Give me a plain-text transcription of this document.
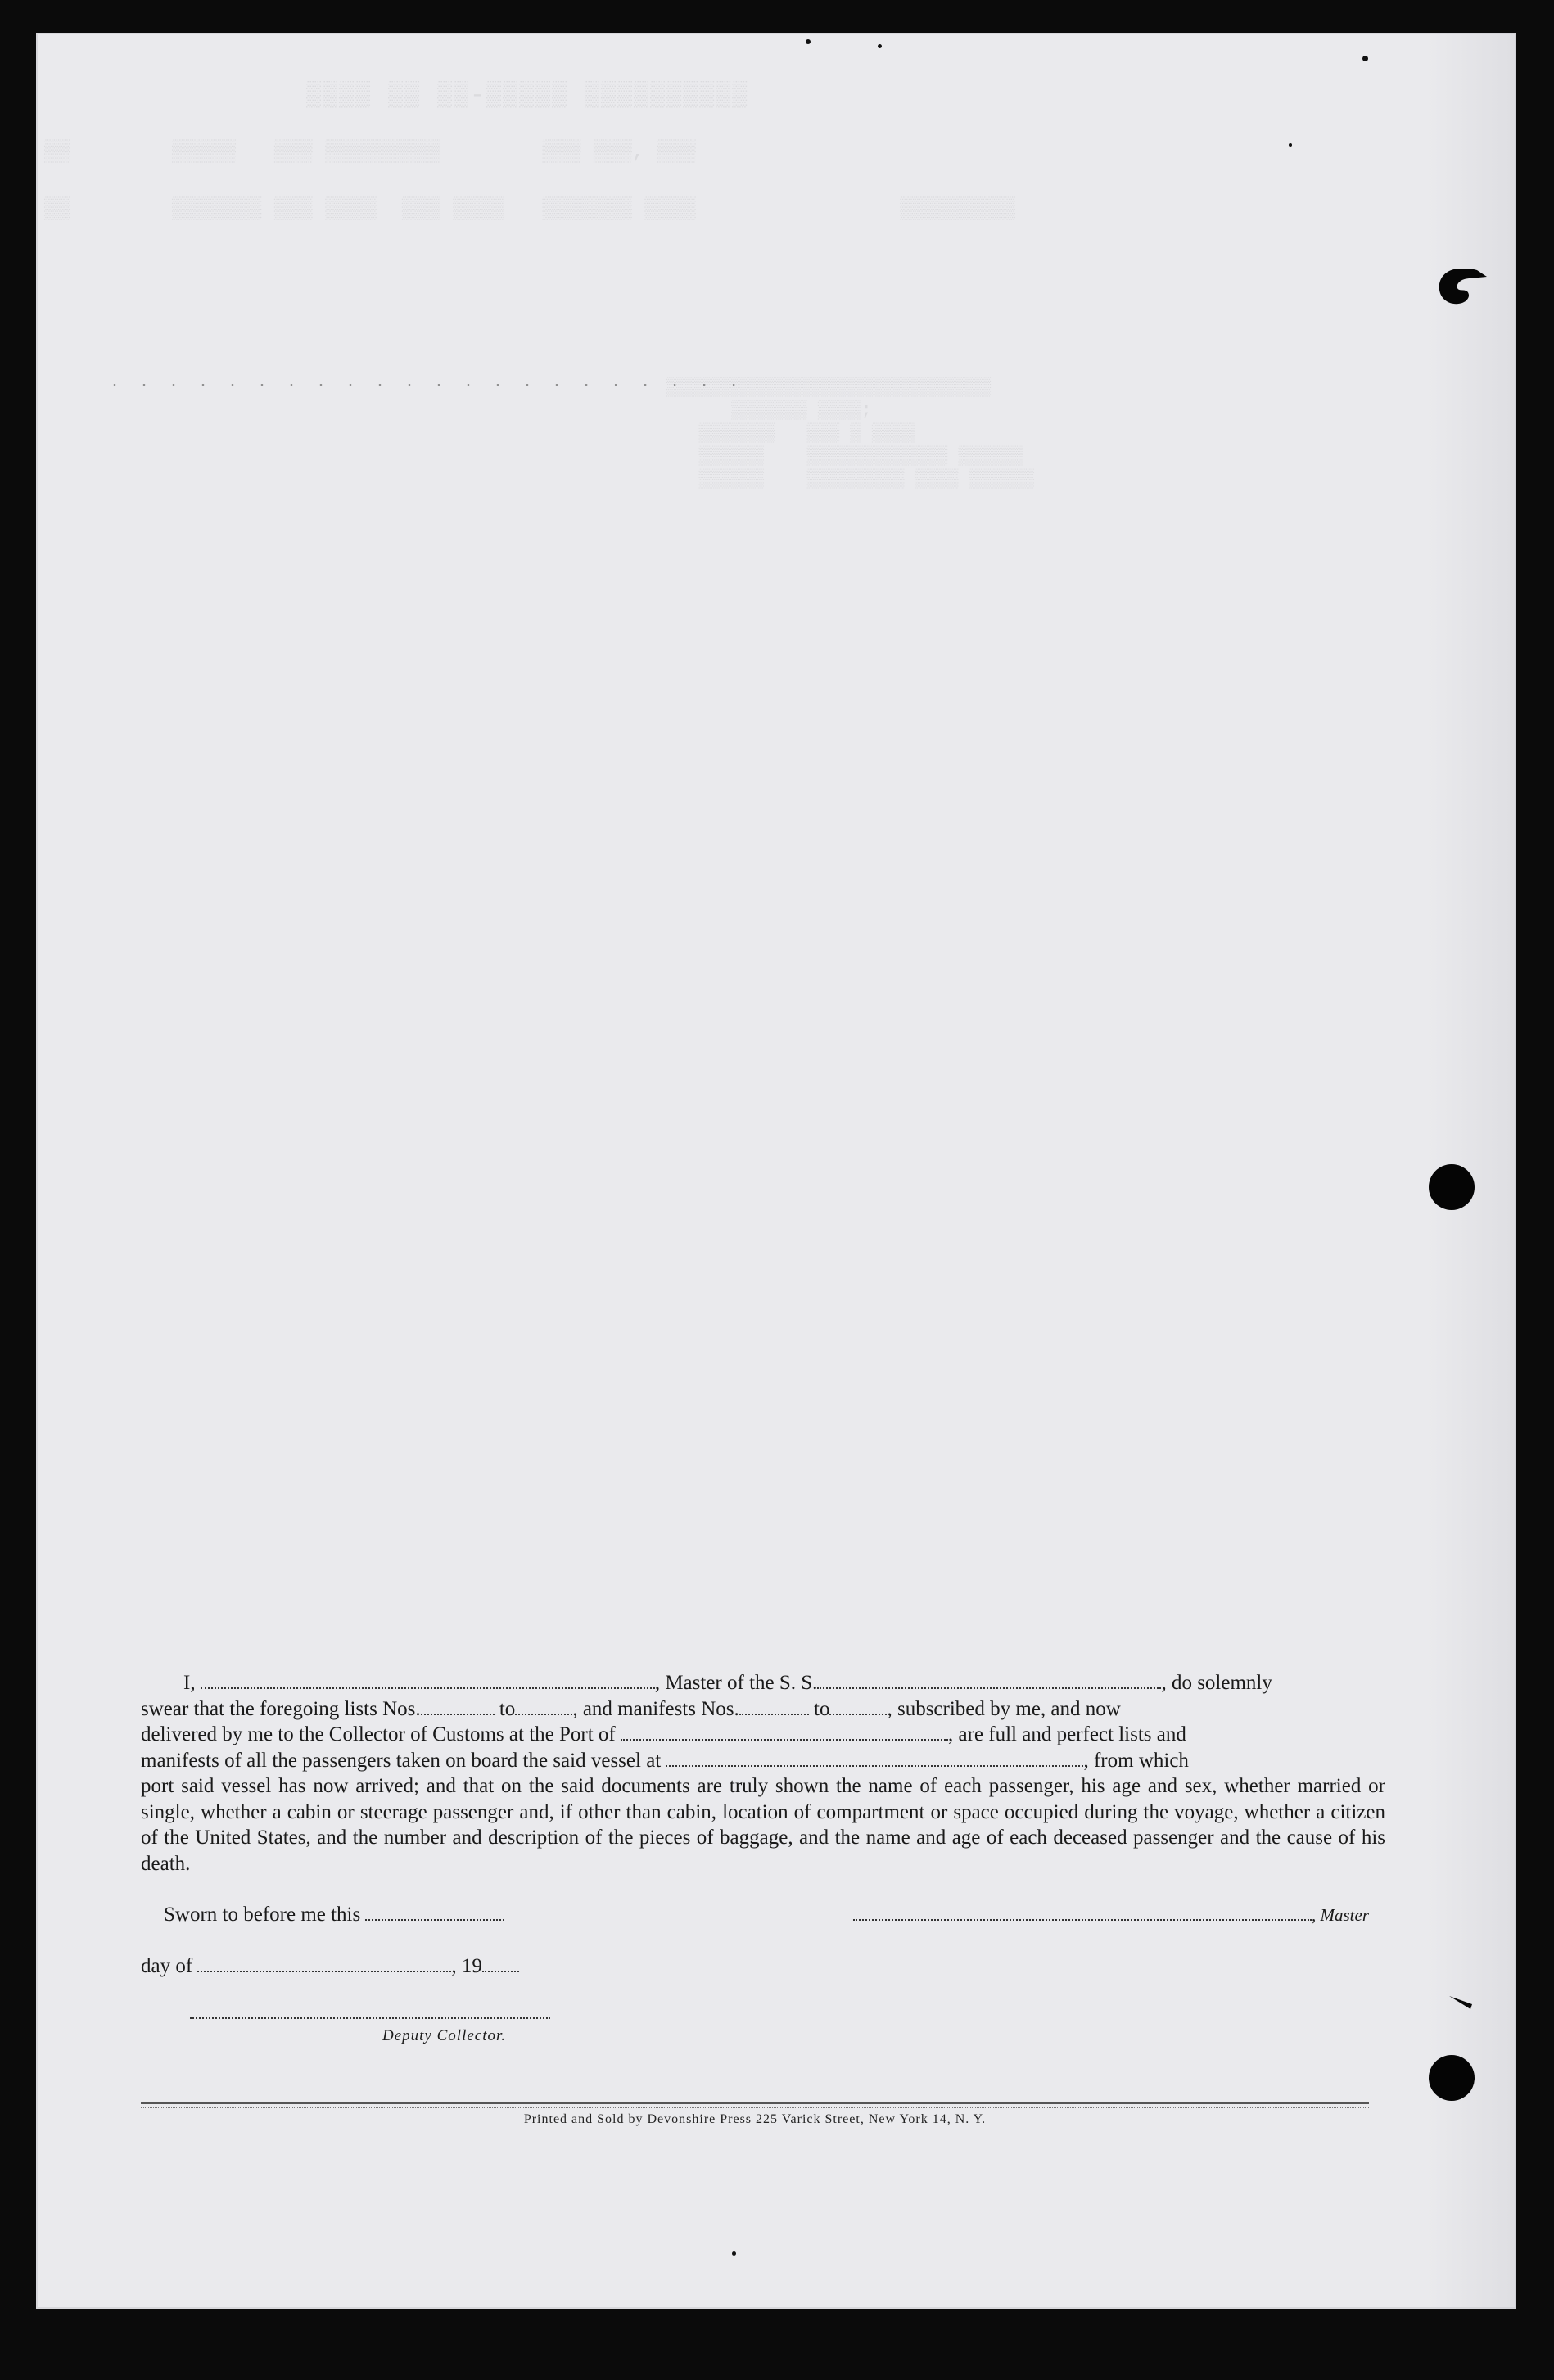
▒▒▒▒ ▒▒ ▒▒-▒▒▒▒▒ ▒▒▒▒▒▒▒▒▒▒
▒▒        ▒▒▒▒▒   ▒▒▒ ▒▒▒▒▒▒▒▒▒        ▒▒▒ ▒▒▒, ▒▒▒
▒▒        ▒▒▒▒▒▒▒ ▒▒▒ ▒▒▒▒  ▒▒▒ ▒▒▒▒   ▒▒▒▒▒▒▒ ▒▒▒▒                ▒▒▒▒▒▒▒▒▒
▒▒▒▒▒▒▒▒▒▒▒▒▒▒▒▒▒▒▒▒▒▒▒▒▒▒▒▒▒▒
▒▒▒▒▒▒▒ ▒▒▒▒;
▒▒▒▒▒▒▒   ▒▒▒ ▒ ▒▒▒▒
▒▒▒▒▒▒    ▒▒▒▒▒▒▒▒▒▒▒▒▒ ▒▒▒▒▒▒
▒▒▒▒▒▒    ▒▒▒▒▒▒▒▒▒ ▒▒▒▒ ▒▒▒▒▒▒
· · · · · · · · · · · · · · · · · · · · · ·

I,	, Master of the S. S.	, do solemnly

swear that the foregoing lists Nos.	to	, and manifests Nos.	to	, subscribed by me, and now

delivered by me to the Collector of Customs at the Port of	, are full and perfect lists and

manifests of all the passengers taken on board the said vessel at	, from which

port said vessel has now arrived; and that on the said documents are truly shown the name of each passenger, his age and sex, whether married or single, whether a cabin or steerage passenger and, if other than cabin, location of compartment or space occupied during the voyage, whether a citizen of the United States, and the number and description of the pieces of baggage, and the name and age of each deceased passenger and the cause of his death.

Sworn to before me this	, Master
day of	, 19
Deputy Collector.
Printed and Sold by Devonshire Press 225 Varick Street, New York 14, N. Y.
